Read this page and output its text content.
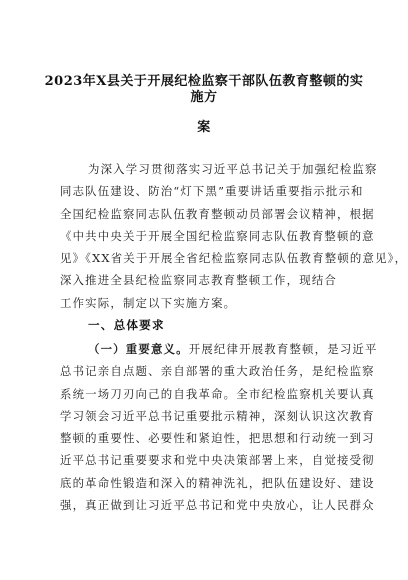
2023年X县关于开展纪检监察干部队伍教育整顿的实施方
案
为深入学习贯彻落实习近平总书记关于加强纪检监察
同志队伍建设、防治“灯下黑”重要讲话重要指示批示和
全国纪检监察同志队伍教育整顿动员部署会议精神，根据
《中共中央关于开展全国纪检监察同志队伍教育整顿的意
见》《XX省关于开展全省纪检监察同志队伍教育整顿的意见》，
深入推进全县纪检监察同志教育整顿工作，现结合
工作实际，制定以下实施方案。
一、总体要求
（一）重要意义。开展纪律开展教育整顿，是习近平
总书记亲自点题、亲自部署的重大政治任务，是纪检监察
系统一场刀刃向己的自我革命。全市纪检监察机关要认真
学习领会习近平总书记重要批示精神，深刻认识这次教育
整顿的重要性、必要性和紧迫性，把思想和行动统一到习
近平总书记重要要求和党中央决策部署上来，自觉接受彻
底的革命性锻造和深入的精神洗礼，把队伍建设好、建设
强，真正做到让习近平总书记和党中央放心，让人民群众
